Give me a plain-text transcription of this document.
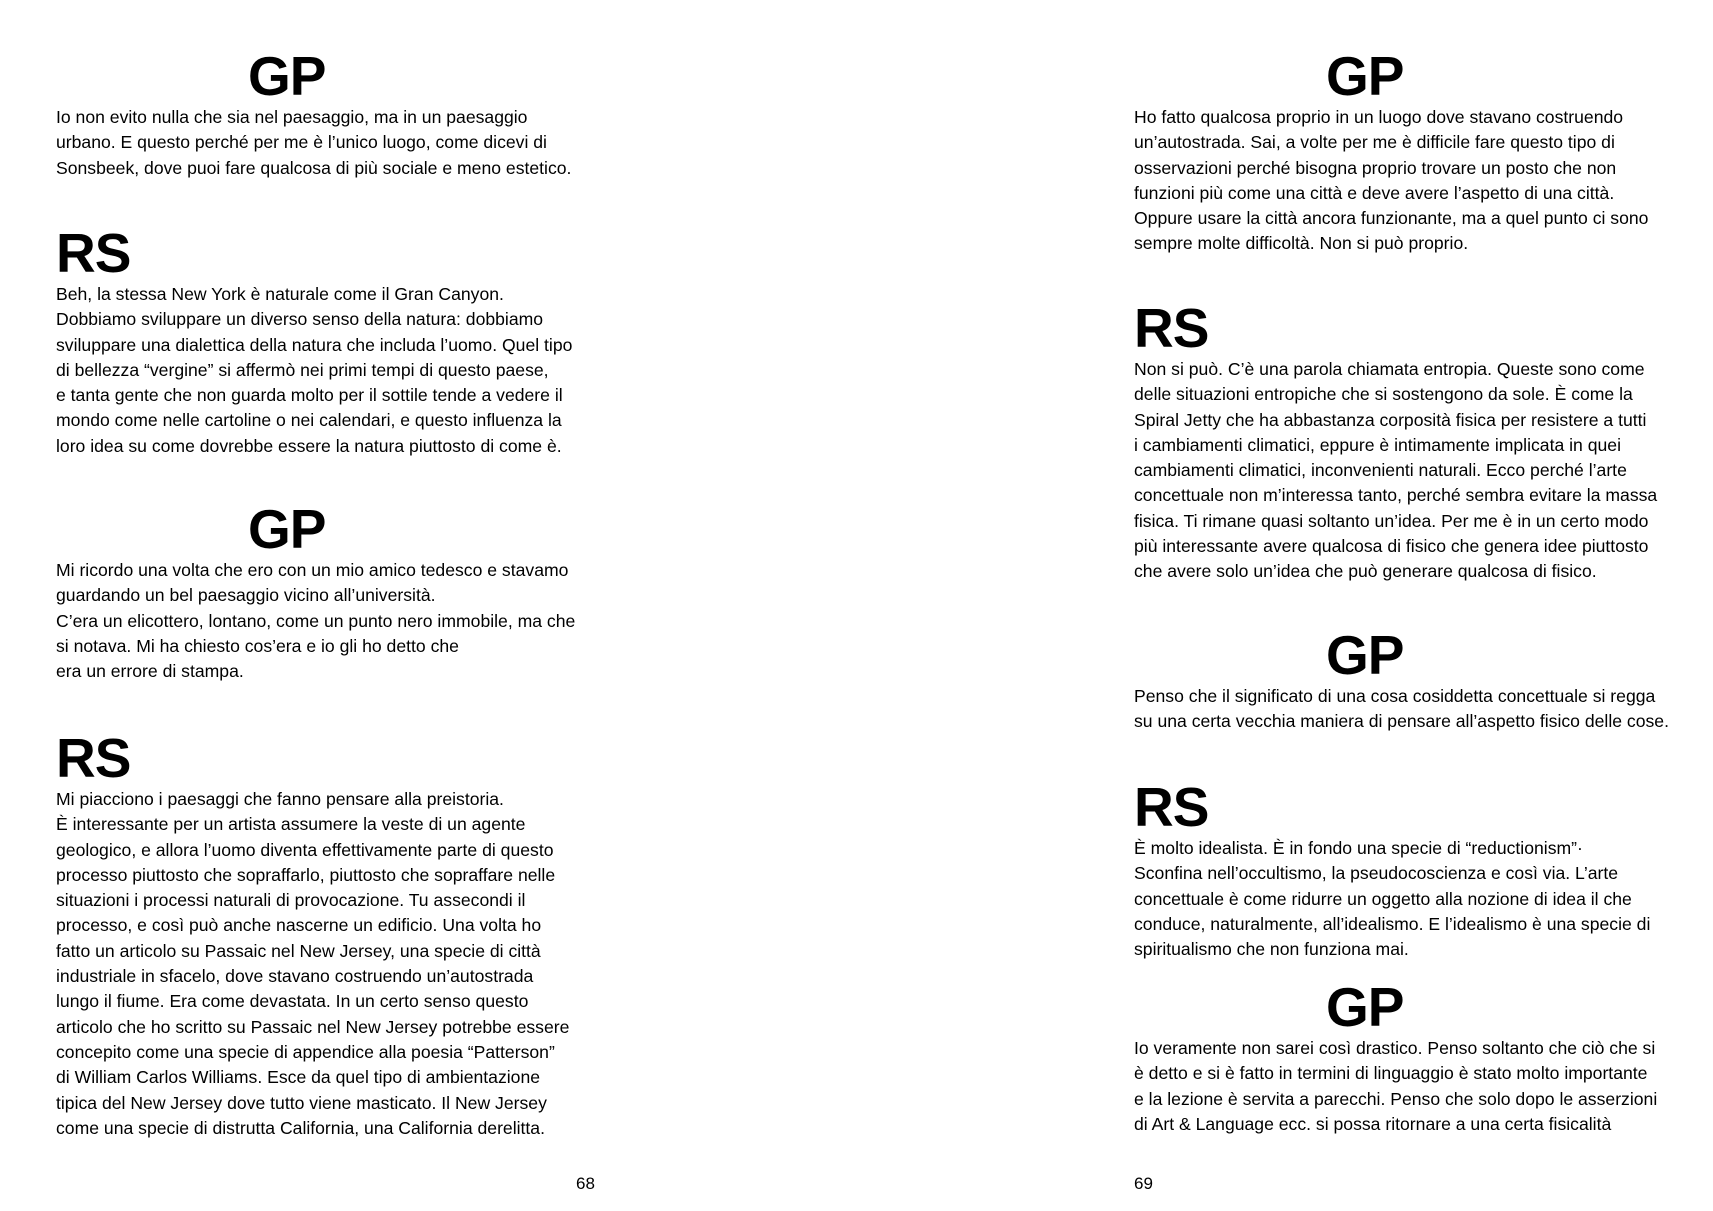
GP

Io non evito nulla che sia nel paesaggio, ma in un paesaggio
urbano. E questo perché per me è l’unico luogo, come dicevi di
Sonsbeek, dove puoi fare qualcosa di più sociale e meno estetico.

RS

Beh, la stessa New York è naturale come il Gran Canyon.
Dobbiamo sviluppare un diverso senso della natura: dobbiamo
sviluppare una dialettica della natura che includa l’uomo. Quel tipo
di bellezza “vergine” si affermò nei primi tempi di questo paese,
e tanta gente che non guarda molto per il sottile tende a vedere il
mondo come nelle cartoline o nei calendari, e questo influenza la
loro idea su come dovrebbe essere la natura piuttosto di come è.

GP

Mi ricordo una volta che ero con un mio amico tedesco e stavamo
guardando un bel paesaggio vicino all’università.
C’era un elicottero, lontano, come un punto nero immobile, ma che
si notava. Mi ha chiesto cos’era e io gli ho detto che
era un errore di stampa.

RS

Mi piacciono i paesaggi che fanno pensare alla preistoria.
È interessante per un artista assumere la veste di un agente
geologico, e allora l’uomo diventa effettivamente parte di questo
processo piuttosto che sopraffarlo, piuttosto che sopraffare nelle
situazioni i processi naturali di provocazione. Tu assecondi il
processo, e così può anche nascerne un edificio. Una volta ho
fatto un articolo su Passaic nel New Jersey, una specie di città
industriale in sfacelo, dove stavano costruendo un’autostrada
lungo il fiume. Era come devastata. In un certo senso questo
articolo che ho scritto su Passaic nel New Jersey potrebbe essere
concepito come una specie di appendice alla poesia “Patterson”
di William Carlos Williams. Esce da quel tipo di ambientazione
tipica del New Jersey dove tutto viene masticato. Il New Jersey
come una specie di distrutta California, una California derelitta.

68
GP

Ho fatto qualcosa proprio in un luogo dove stavano costruendo
un’autostrada. Sai, a volte per me è difficile fare questo tipo di
osservazioni perché bisogna proprio trovare un posto che non
funzioni più come una città e deve avere l’aspetto di una città.
Oppure usare la città ancora funzionante, ma a quel punto ci sono
sempre molte difficoltà. Non si può proprio.

RS

Non si può. C’è una parola chiamata entropia. Queste sono come
delle situazioni entropiche che si sostengono da sole. È come la
Spiral Jetty che ha abbastanza corposità fisica per resistere a tutti
i cambiamenti climatici, eppure è intimamente implicata in quei
cambiamenti climatici, inconvenienti naturali. Ecco perché l’arte
concettuale non m’interessa tanto, perché sembra evitare la massa
fisica. Ti rimane quasi soltanto un’idea. Per me è in un certo modo
più interessante avere qualcosa di fisico che genera idee piuttosto
che avere solo un’idea che può generare qualcosa di fisico.

GP

Penso che il significato di una cosa cosiddetta concettuale si regga
su una certa vecchia maniera di pensare all’aspetto fisico delle cose.

RS

È molto idealista. È in fondo una specie di “reductionism”·
Sconfina nell’occultismo, la pseudocoscienza e così via. L’arte
concettuale è come ridurre un oggetto alla nozione di idea il che
conduce, naturalmente, all’idealismo. E l’idealismo è una specie di
spiritualismo che non funziona mai.

GP

Io veramente non sarei così drastico. Penso soltanto che ciò che si
è detto e si è fatto in termini di linguaggio è stato molto importante
e la lezione è servita a parecchi. Penso che solo dopo le asserzioni
di Art & Language ecc. si possa ritornare a una certa fisicalità

69
